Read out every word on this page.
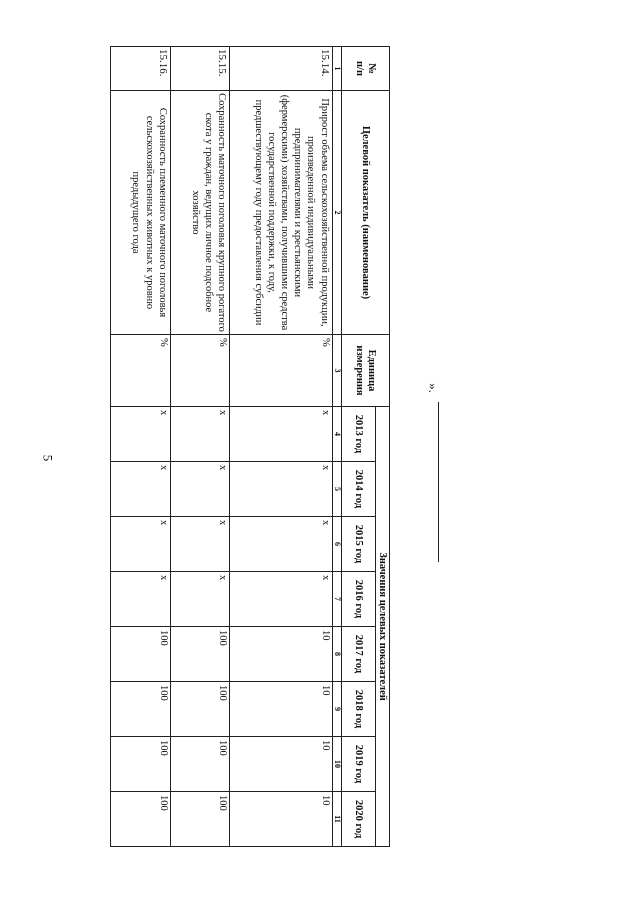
5
№
п/п	Целевой показатель (наименование)	Единица измерения	Значения целевых показателей							
			2013 год	2014 год	2015 год	2016 год	2017 год	2018 год	2019 год	2020 год
1	2	3	4	5	6	7	8	9	10	11
15.14.	Прирост объема сельскохозяйственной продукции, произведенной индивидуальными предпринимателями и крестьянскими (фермерскими) хозяйствами, получившими средства государственной поддержки, к году, предшествующему году предоставления субсидии	%	x	x	x	x	10	10	10	10
15.15.	Сохранность маточного поголовья крупного рогатого скота у граждан, ведущих личное подсобное хозяйство	%	x	x	x	x	100	100	100	100
15.16.	Сохранность племенного маточного поголовья сельскохозяйственных животных к уровню предыдущего года	%	x	x	x	x	100	100	100	100
».
